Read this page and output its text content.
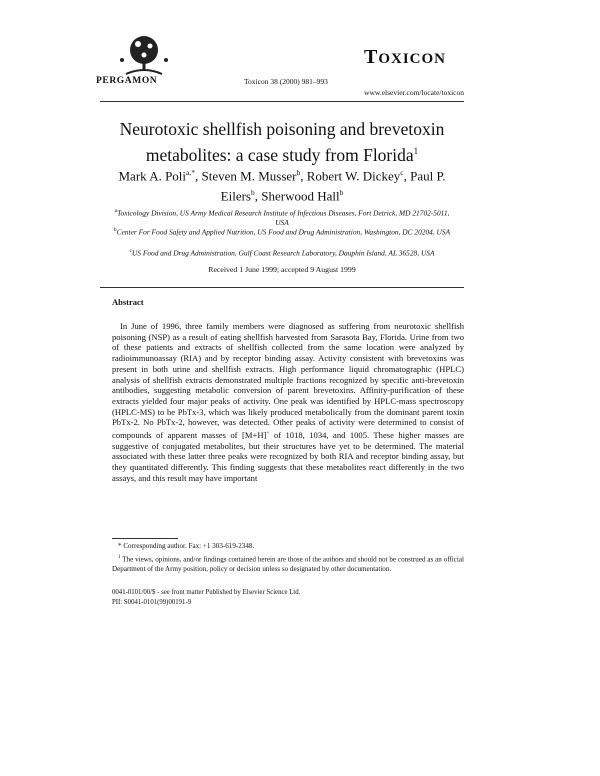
PERGAMON	Toxicon 38 (2000) 981–993
TOXICON
www.elsevier.com/locate/toxicon
Neurotoxic shellfish poisoning and brevetoxin
metabolites: a case study from Florida$^1$
Mark A. Poli$^{a,*}$, Steven M. Musser$^b$, Robert W. Dickey$^c$, Paul P. Eilers$^b$, Sherwood Hall$^b$
$^a$Toxicology Division, US Army Medical Research Institute of Infectious Diseases, Fort Detrick, MD 21702-5011, USA
$^b$Center For Food Safety and Applied Nutrition, US Food and Drug Administration, Washington, DC 20204, USA
$^c$US Food and Drug Administration, Gulf Coast Research Laboratory, Dauphin Island, AL 36528, USA
Received 1 June 1999; accepted 9 August 1999
Abstract
In June of 1996, three family members were diagnosed as suffering from neurotoxic shellfish poisoning (NSP) as a result of eating shellfish harvested from Sarasota Bay, Florida. Urine from two of these patients and extracts of shellfish collected from the same location were analyzed by radioimmunoassay (RIA) and by receptor binding assay. Activity consistent with brevetoxins was present in both urine and shellfish extracts. High performance liquid chromatographic (HPLC) analysis of shellfish extracts demonstrated multiple fractions recognized by specific anti-brevetoxin antibodies, suggesting metabolic conversion of parent brevetoxins. Affinity-purification of these extracts yielded four major peaks of activity. One peak was identified by HPLC-mass spectroscopy (HPLC-MS) to be PbTx-3, which was likely produced metabolically from the dominant parent toxin PbTx-2. No PbTx-2, however, was detected. Other peaks of activity were determined to consist of compounds of apparent masses of [M+H]+ of 1018, 1034, and 1005. These higher masses are suggestive of conjugated metabolites, but their structures have yet to be determined. The material associated with these latter three peaks were recognized by both RIA and receptor binding assay, but they quantitated differently. This finding suggests that these metabolites react differently in the two assays, and this result may have important
* Corresponding author. Fax: +1 303-619-2348.
$^1$ The views, opinions, and/or findings contained herein are those of the authors and should not be construed as an official Department of the Army position, policy or decision unless so designated by other documentation.
0041-0101/00/$ - see front matter Published by Elsevier Science Ltd.
PII: S0041-0101(99)00191-9
